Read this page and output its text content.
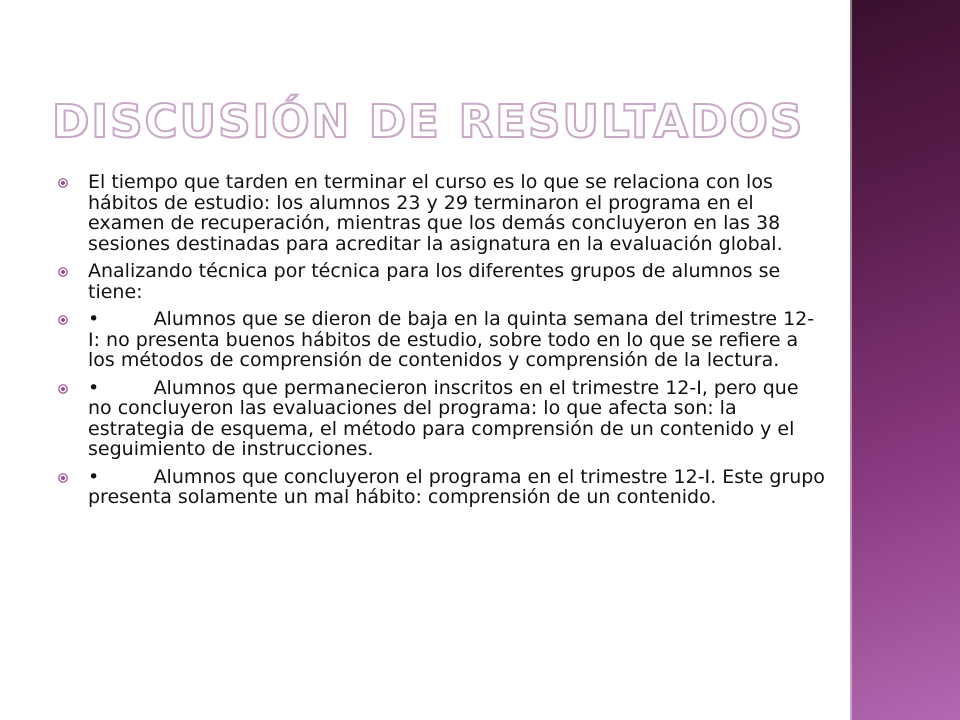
DISCUSIÓN DE RESULTADOS
El tiempo que tarden en terminar el curso es lo que se relaciona con los hábitos de estudio: los alumnos 23 y 29 terminaron el programa en el examen de recuperación, mientras que los demás concluyeron en las 38 sesiones destinadas para acreditar la asignatura en la evaluación global.
Analizando técnica por técnica para los diferentes grupos de alumnos se tiene:
•         Alumnos que se dieron de baja en la quinta semana del trimestre 12-I: no presenta buenos hábitos de estudio, sobre todo en lo que se refiere a los métodos de comprensión de contenidos y comprensión de la lectura.
•         Alumnos que permanecieron inscritos en el trimestre 12-I, pero que no concluyeron las evaluaciones del programa: lo que afecta son: la estrategia de esquema, el método para comprensión de un contenido y el seguimiento de instrucciones.
•         Alumnos que concluyeron el programa en el trimestre 12-I. Este grupo presenta solamente un mal hábito: comprensión de un contenido.
